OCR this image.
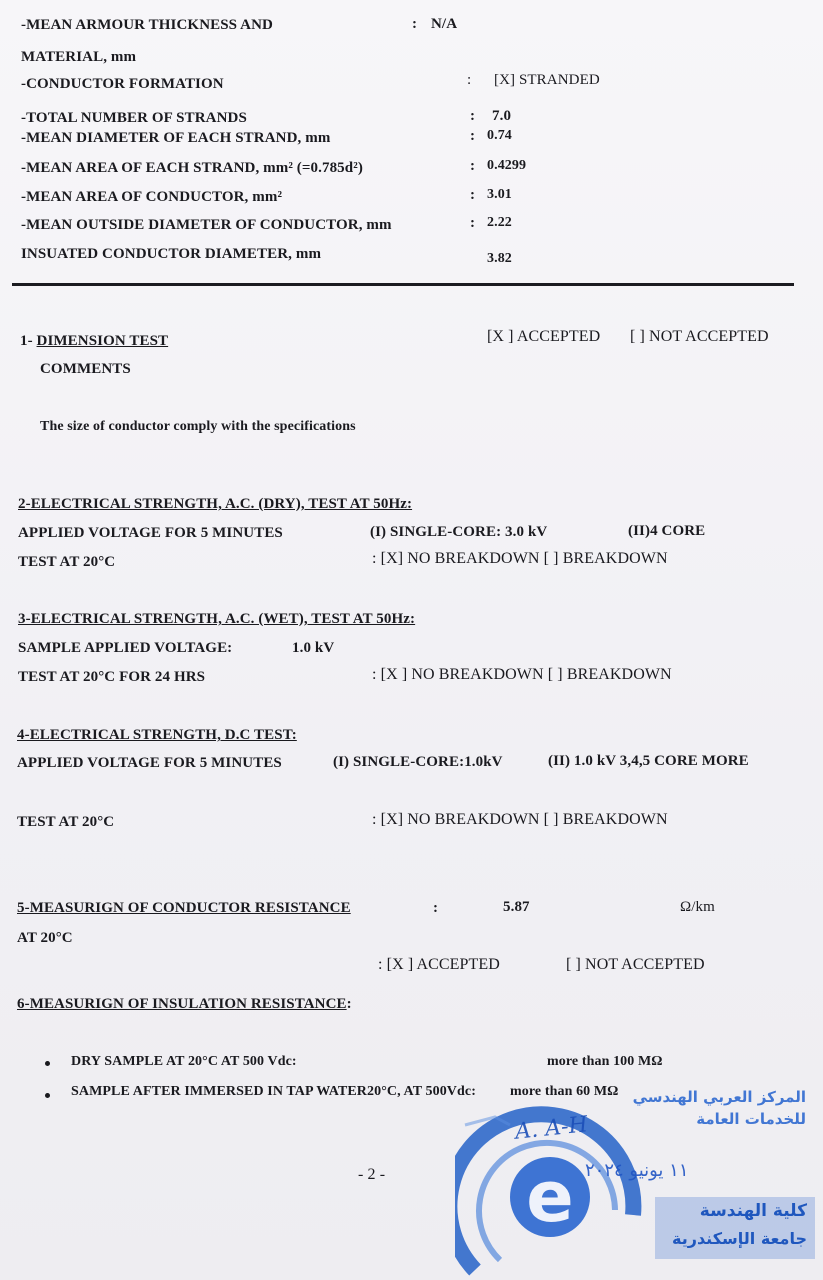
-MEAN ARMOUR THICKNESS AND	: N/A
MATERIAL, mm
-CONDUCTOR FORMATION	: [X] STRANDED
-TOTAL NUMBER OF STRANDS	: 7.0
-MEAN DIAMETER OF EACH STRAND, mm	: 0.74
-MEAN AREA OF EACH STRAND, mm² (=0.785d²)	: 0.4299
-MEAN AREA OF CONDUCTOR, mm²	: 3.01
-MEAN OUTSIDE DIAMETER OF CONDUCTOR, mm	: 2.22
INSUATED CONDUCTOR DIAMETER, mm	3.82
1- DIMENSION TEST	[X ] ACCEPTED [ ] NOT ACCEPTED
COMMENTS
The size of conductor comply with the specifications
2-ELECTRICAL STRENGTH, A.C. (DRY), TEST AT 50Hz:
APPLIED VOLTAGE FOR 5 MINUTES	(I) SINGLE-CORE: 3.0 kV	(II)4 CORE
TEST AT 20°C	: [X] NO BREAKDOWN [ ] BREAKDOWN
3-ELECTRICAL STRENGTH, A.C. (WET), TEST AT 50Hz:
SAMPLE APPLIED VOLTAGE:	1.0 kV
TEST AT 20°C FOR 24 HRS	: [X ] NO BREAKDOWN [ ] BREAKDOWN
4-ELECTRICAL STRENGTH, D.C TEST:
APPLIED VOLTAGE FOR 5 MINUTES	(I) SINGLE-CORE:1.0kV	(II) 1.0 kV 3,4,5 CORE MORE
TEST AT 20°C	: [X] NO BREAKDOWN [ ] BREAKDOWN
5-MEASURIGN OF CONDUCTOR RESISTANCE	:	5.87	Ω/km
AT 20°C
: [X ] ACCEPTED	[ ] NOT ACCEPTED
6-MEASURIGN OF INSULATION RESISTANCE:
DRY SAMPLE AT 20°C AT 500 Vdc:	more than 100 MΩ
SAMPLE AFTER IMMERSED IN TAP WATER20°C, AT 500Vdc: more than 60 MΩ
- 2 -
المركز العربي الهندسي
للخدمات العامة
e ١١ يونيو ٢٠٢٤
A. A-H
كلية الهندسة
جامعة الإسكندرية
